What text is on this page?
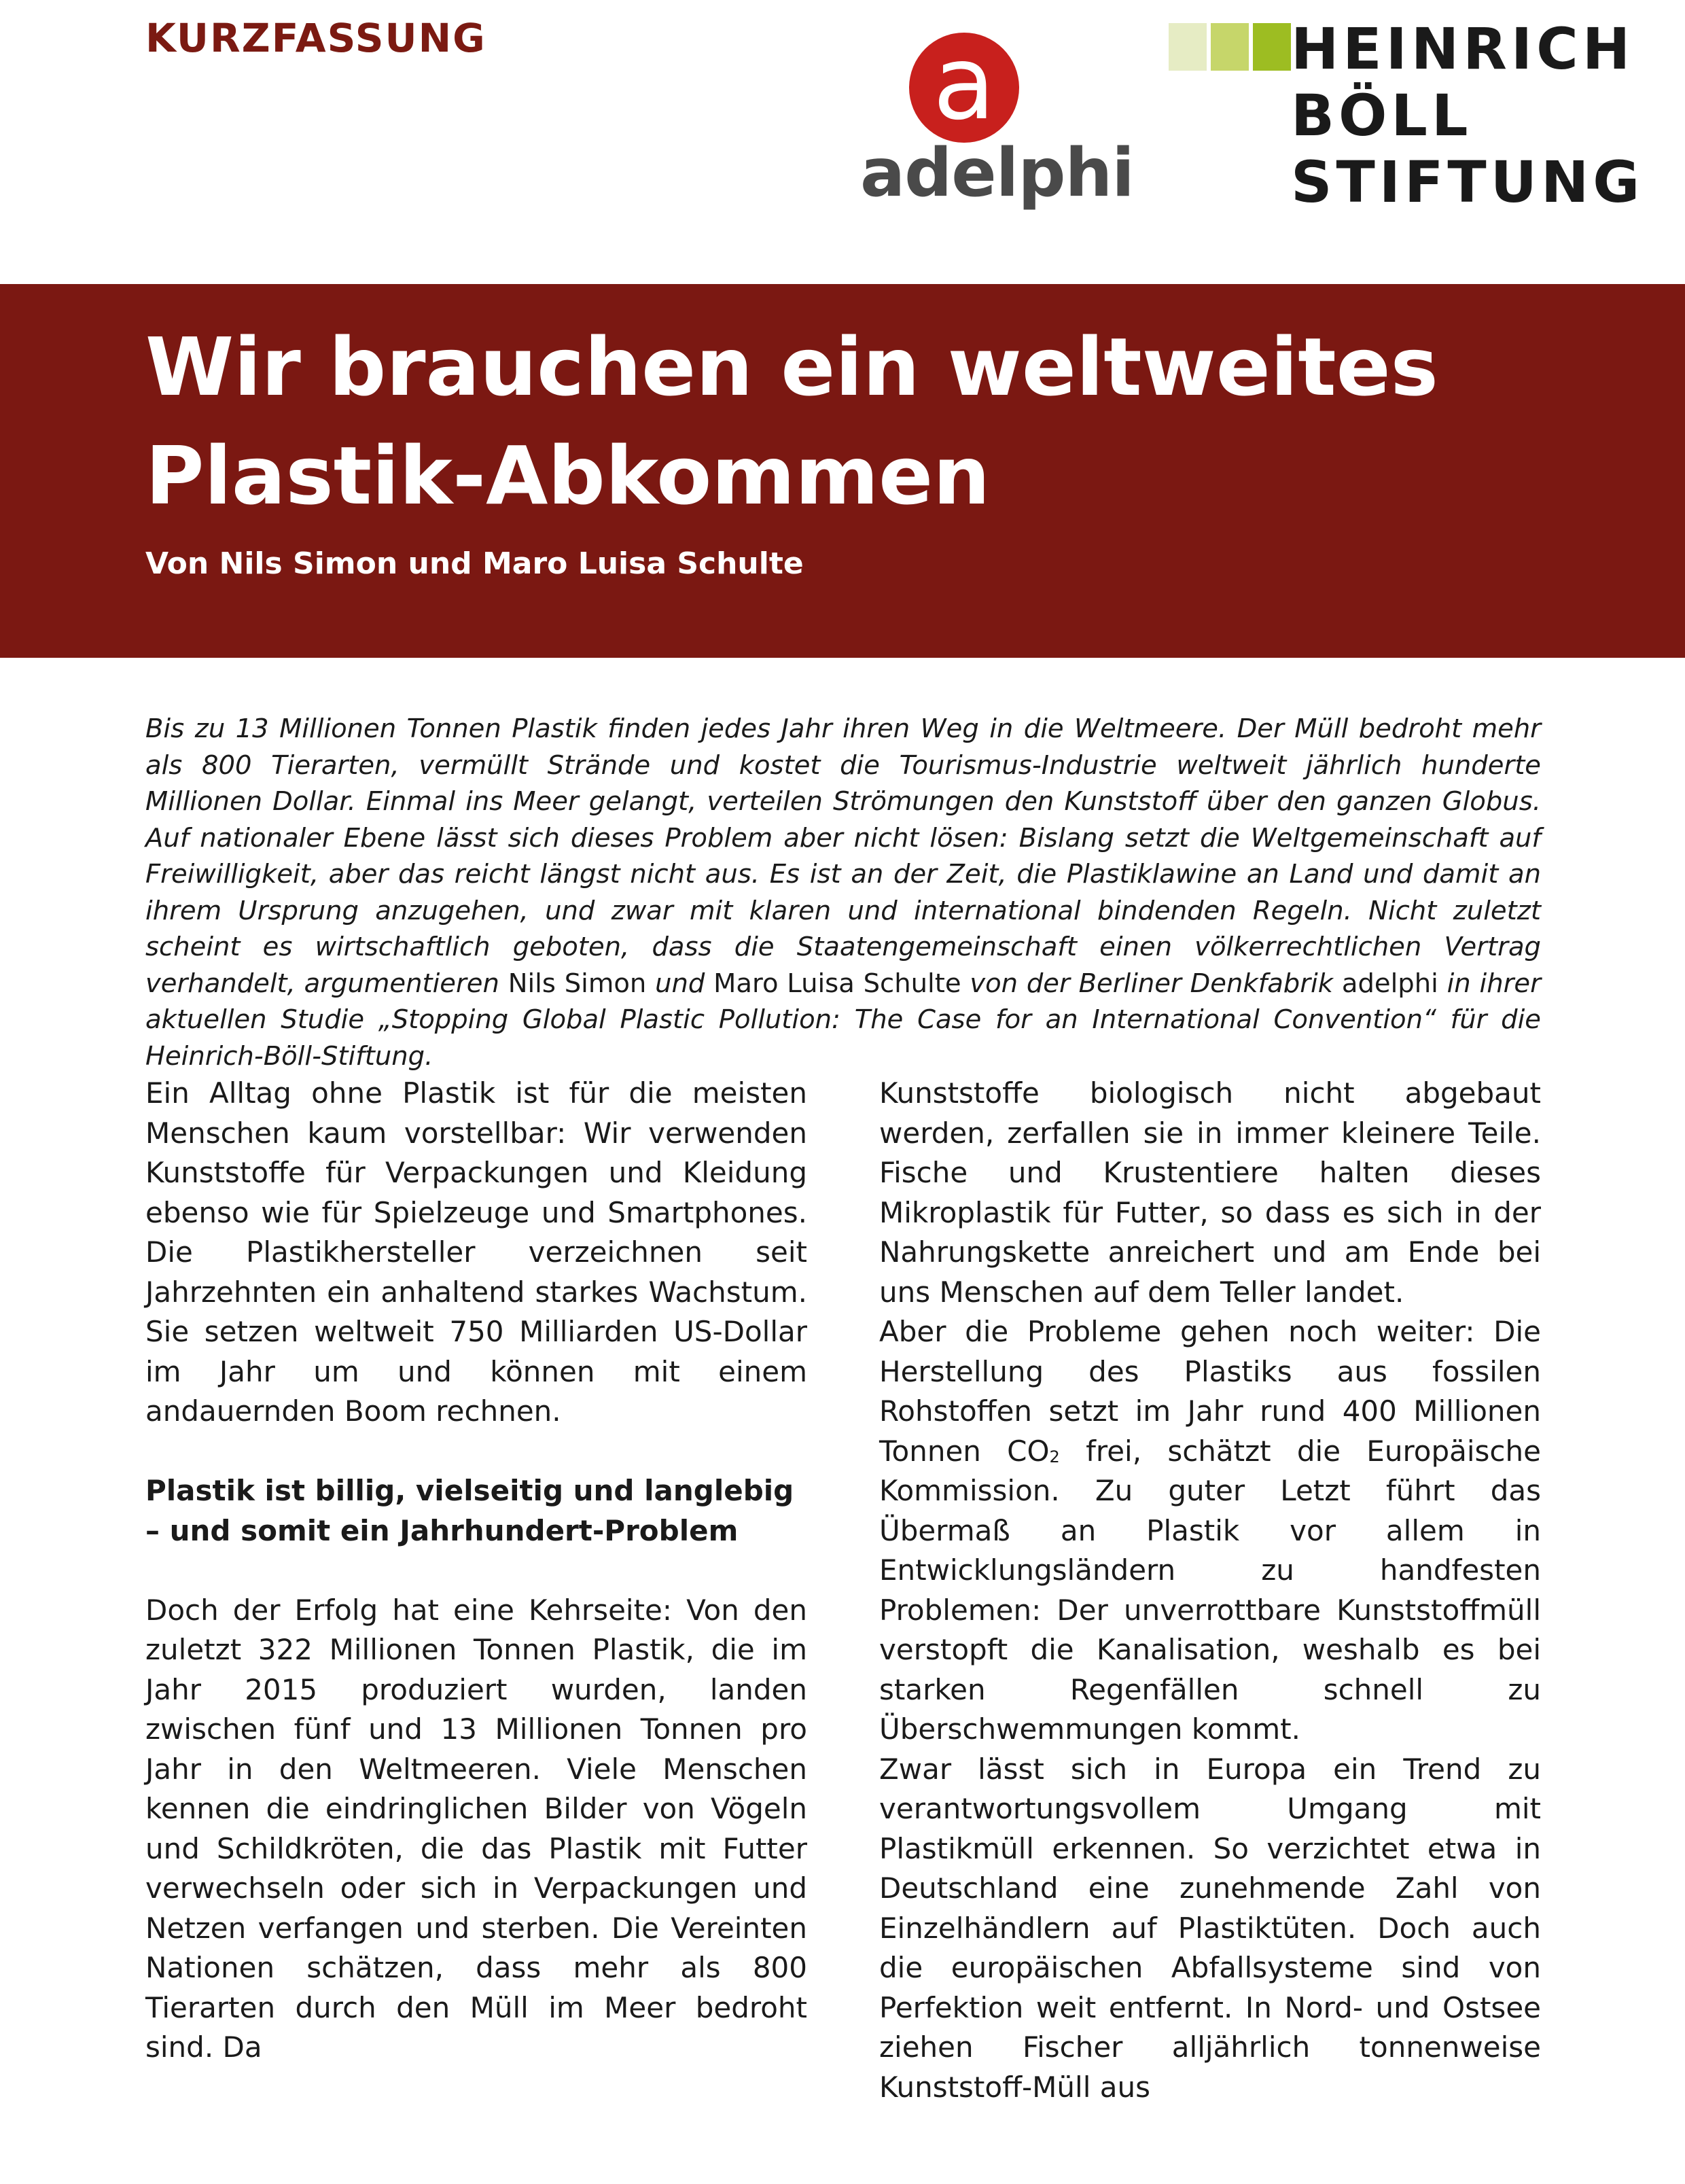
KURZFASSUNG	a
adelphi
HEINRICH
BÖLL
STIFTUNG
Wir brauchen ein weltweites
Plastik-Abkommen
Von Nils Simon und Maro Luisa Schulte
Bis zu 13 Millionen Tonnen Plastik finden jedes Jahr ihren Weg in die Weltmeere. Der Müll bedroht mehr als 800 Tierarten, vermüllt Strände und kostet die Tourismus-Industrie weltweit jährlich hunderte Millionen Dollar. Einmal ins Meer gelangt, verteilen Strömungen den Kunststoff über den ganzen Globus. Auf nationaler Ebene lässt sich dieses Problem aber nicht lösen: Bislang setzt die Weltgemeinschaft auf Freiwilligkeit, aber das reicht längst nicht aus. Es ist an der Zeit, die Plastiklawine an Land und damit an ihrem Ursprung anzugehen, und zwar mit klaren und international bindenden Regeln. Nicht zuletzt scheint es wirtschaftlich geboten, dass die Staatengemeinschaft einen völkerrechtlichen Vertrag verhandelt, argumentieren Nils Simon und Maro Luisa Schulte von der Berliner Denkfabrik adelphi in ihrer aktuellen Studie „Stopping Global Plastic Pollution: The Case for an International Convention“ für die Heinrich-Böll-Stiftung.

Ein Alltag ohne Plastik ist für die meisten Menschen kaum vorstellbar: Wir verwenden Kunststoffe für Verpackungen und Kleidung ebenso wie für Spielzeuge und Smartphones. Die Plastikhersteller verzeichnen seit Jahrzehnten ein anhaltend starkes Wachstum. Sie setzen weltweit 750 Milliarden US-Dollar im Jahr um und können mit einem andauernden Boom rechnen.

Plastik ist billig, vielseitig und langlebig
– und somit ein Jahrhundert-Problem

Doch der Erfolg hat eine Kehrseite: Von den zuletzt 322 Millionen Tonnen Plastik, die im Jahr 2015 produziert wurden, landen zwischen fünf und 13 Millionen Tonnen pro Jahr in den Weltmeeren. Viele Menschen kennen die eindringlichen Bilder von Vögeln und Schildkröten, die das Plastik mit Futter verwechseln oder sich in Verpackungen und Netzen verfangen und sterben. Die Vereinten Nationen schätzen, dass mehr als 800 Tierarten durch den Müll im Meer bedroht sind. Da

Kunststoffe biologisch nicht abgebaut werden, zerfallen sie in immer kleinere Teile. Fische und Krustentiere halten dieses Mikroplastik für Futter, so dass es sich in der Nahrungskette anreichert und am Ende bei uns Menschen auf dem Teller landet.

Aber die Probleme gehen noch weiter: Die Herstellung des Plastiks aus fossilen Rohstoffen setzt im Jahr rund 400 Millionen Tonnen $CO_2$ frei, schätzt die Europäische Kommission. Zu guter Letzt führt das Übermaß an Plastik vor allem in Entwicklungsländern zu handfesten Problemen: Der unverrottbare Kunststoffmüll verstopft die Kanalisation, weshalb es bei starken Regenfällen schnell zu Überschwemmungen kommt.

Zwar lässt sich in Europa ein Trend zu verantwortungsvollem Umgang mit Plastikmüll erkennen. So verzichtet etwa in Deutschland eine zunehmende Zahl von Einzelhändlern auf Plastiktüten. Doch auch die europäischen Abfallsysteme sind von Perfektion weit entfernt. In Nord- und Ostsee ziehen Fischer alljährlich tonnenweise Kunststoff-Müll aus
